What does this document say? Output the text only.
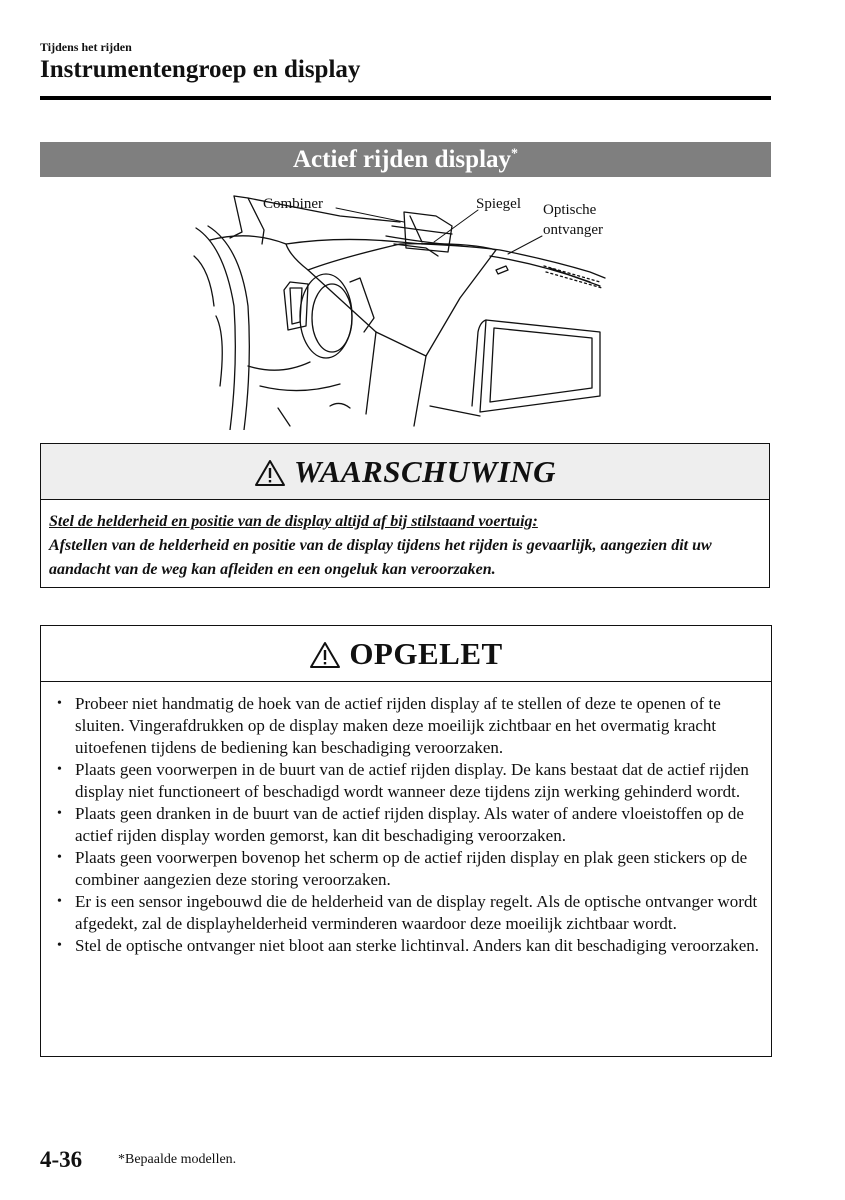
Tijdens het rijden
Instrumentengroep en display
Actief rijden display*
Combiner	Spiegel Optische
ontvanger
WAARSCHUWING
Stel de helderheid en positie van de display altijd af bij stilstaand voertuig:
Afstellen van de helderheid en positie van de display tijdens het rijden is gevaarlijk, aangezien dit uw aandacht van de weg kan afleiden en een ongeluk kan veroorzaken.
OPGELET
• Probeer niet handmatig de hoek van de actief rijden display af te stellen of deze te openen of te sluiten. Vingerafdrukken op de display maken deze moeilijk zichtbaar en het overmatig kracht uitoefenen tijdens de bediening kan beschadiging veroorzaken.
• Plaats geen voorwerpen in de buurt van de actief rijden display. De kans bestaat dat de actief rijden display niet functioneert of beschadigd wordt wanneer deze tijdens zijn werking gehinderd wordt.
• Plaats geen dranken in de buurt van de actief rijden display. Als water of andere vloeistoffen op de actief rijden display worden gemorst, kan dit beschadiging veroorzaken.
• Plaats geen voorwerpen bovenop het scherm op de actief rijden display en plak geen stickers op de combiner aangezien deze storing veroorzaken.
• Er is een sensor ingebouwd die de helderheid van de display regelt. Als de optische ontvanger wordt afgedekt, zal de displayhelderheid verminderen waardoor deze moeilijk zichtbaar wordt.
• Stel de optische ontvanger niet bloot aan sterke lichtinval. Anders kan dit beschadiging veroorzaken.
4-36	*Bepaalde modellen.
